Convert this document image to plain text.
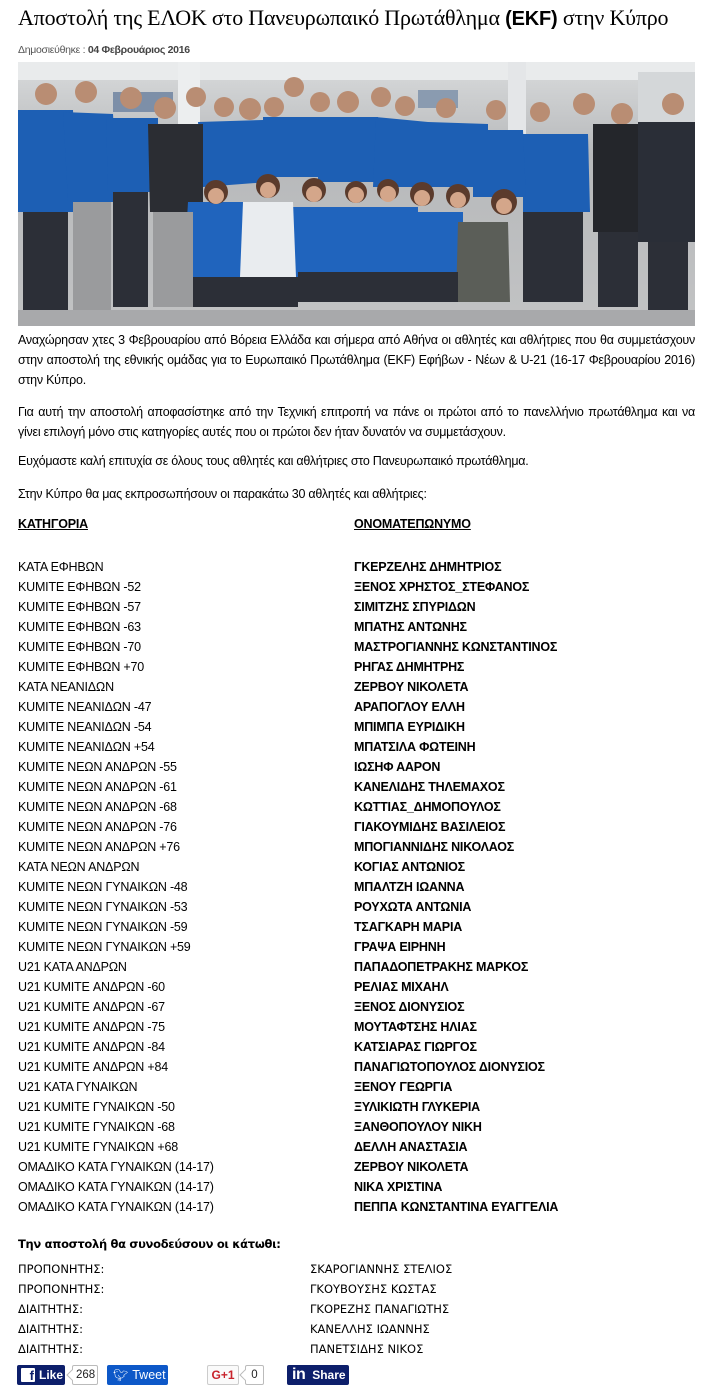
Αποστολή της ΕΛΟΚ στο Πανευρωπαικό Πρωτάθλημα (EKF) στην Κύπρο
Δημοσιεύθηκε : 04 Φεβρουάριος 2016
Αναχώρησαν χτες 3 Φεβρουαρίου από Βόρεια Ελλάδα και σήμερα από Αθήνα οι αθλητές και αθλήτριες που θα συμμετάσχουν στην αποστολή της εθνικής ομάδας για το Ευρωπαικό Πρωτάθλημα (EKF) Εφήβων - Νέων & U-21 (16-17 Φεβρουαρίου 2016) στην Κύπρο.
Για αυτή την αποστολή αποφασίστηκε από την Τεχνική επιτροπή να πάνε οι πρώτοι από το πανελλήνιο πρωτάθλημα και να γίνει επιλογή μόνο στις κατηγορίες αυτές που οι πρώτοι δεν ήταν δυνατόν να συμμετάσχουν.
Ευχόμαστε καλή επιτυχία σε όλους τους αθλητές και αθλήτριες στο Πανευρωπαικό πρωτάθλημα.
Στην Κύπρο θα μας εκπροσωπήσουν οι παρακάτω 30 αθλητές και αθλήτριες:
ΚΑΤΗΓΟΡΙΑ	ΟΝΟΜΑΤΕΠΩΝΥΜΟ
ΚΑΤΑ ΕΦΗΒΩΝ	ΓΚΕΡΖΕΛΗΣ ΔΗΜΗΤΡΙΟΣ
KUMITE ΕΦΗΒΩΝ -52	ΞΕΝΟΣ ΧΡΗΣΤΟΣ_ΣΤΕΦΑΝΟΣ
KUMITE ΕΦΗΒΩΝ -57	ΣΙΜΙΤΖΗΣ ΣΠΥΡΙΔΩΝ
KUMITE ΕΦΗΒΩΝ -63	ΜΠΑΤΗΣ ΑΝΤΩΝΗΣ
KUMITE ΕΦΗΒΩΝ -70	ΜΑΣΤΡΟΓΙΑΝΝΗΣ ΚΩΝΣΤΑΝΤΙΝΟΣ
KUMITE ΕΦΗΒΩΝ +70	ΡΗΓΑΣ ΔΗΜΗΤΡΗΣ
ΚΑΤΑ ΝΕΑΝΙΔΩΝ	ΖΕΡΒΟΥ ΝΙΚΟΛΕΤΑ
KUMITE ΝΕΑΝΙΔΩΝ -47	ΑΡΑΠΟΓΛΟΥ ΕΛΛΗ
KUMITE ΝΕΑΝΙΔΩΝ -54	ΜΠΙΜΠΑ ΕΥΡΙΔΙΚΗ
KUMITE ΝΕΑΝΙΔΩΝ +54	ΜΠΑΤΣΙΛΑ ΦΩΤΕΙΝΗ
KUMITE ΝΕΩΝ ΑΝΔΡΩΝ -55	ΙΩΣΗΦ ΑΑΡΟΝ
KUMITE ΝΕΩΝ ΑΝΔΡΩΝ -61	ΚΑΝΕΛΙΔΗΣ ΤΗΛΕΜΑΧΟΣ
KUMITE ΝΕΩΝ ΑΝΔΡΩΝ -68	ΚΩΤΤΙΑΣ_ΔΗΜΟΠΟΥΛΟΣ
KUMITE ΝΕΩΝ ΑΝΔΡΩΝ -76	ΓΙΑΚΟΥΜΙΔΗΣ ΒΑΣΙΛΕΙΟΣ
KUMITE ΝΕΩΝ ΑΝΔΡΩΝ +76	ΜΠΟΓΙΑΝΝΙΔΗΣ ΝΙΚΟΛΑΟΣ
ΚΑΤΑ ΝΕΩΝ ΑΝΔΡΩΝ	ΚΟΓΙΑΣ ΑΝΤΩΝΙΟΣ
KUMITE ΝΕΩΝ ΓΥΝΑΙΚΩΝ -48	ΜΠΑΛΤΖΗ ΙΩΑΝΝΑ
KUMITE ΝΕΩΝ ΓΥΝΑΙΚΩΝ -53	ΡΟΥΧΩΤΑ ΑΝΤΩΝΙΑ
KUMITE ΝΕΩΝ ΓΥΝΑΙΚΩΝ -59	ΤΣΑΓΚΑΡΗ ΜΑΡΙΑ
KUMITE ΝΕΩΝ ΓΥΝΑΙΚΩΝ +59	ΓΡΑΨΑ ΕΙΡΗΝΗ
U21 ΚΑΤΑ ΑΝΔΡΩΝ	ΠΑΠΑΔΟΠΕΤΡΑΚΗΣ ΜΑΡΚΟΣ
U21 KUMITE ΑΝΔΡΩΝ -60	ΡΕΛΙΑΣ ΜΙΧΑΗΛ
U21 KUMITE ΑΝΔΡΩΝ -67	ΞΕΝΟΣ ΔΙΟΝΥΣΙΟΣ
U21 KUMITE ΑΝΔΡΩΝ -75	ΜΟΥΤΑΦΤΣΗΣ ΗΛΙΑΣ
U21 KUMITE ΑΝΔΡΩΝ -84	ΚΑΤΣΙΑΡΑΣ ΓΙΩΡΓΟΣ
U21 KUMITE ΑΝΔΡΩΝ +84	ΠΑΝΑΓΙΩΤΟΠΟΥΛΟΣ ΔΙΟΝΥΣΙΟΣ
U21 ΚΑΤΑ ΓΥΝΑΙΚΩΝ	ΞΕΝΟΥ ΓΕΩΡΓΙΑ
U21 KUMITE ΓΥΝΑΙΚΩΝ -50	ΞΥΛΙΚΙΩΤΗ ΓΛΥΚΕΡΙΑ
U21 KUMITE ΓΥΝΑΙΚΩΝ -68	ΞΑΝΘΟΠΟΥΛΟΥ ΝΙΚΗ
U21 KUMITE ΓΥΝΑΙΚΩΝ +68	ΔΕΛΛΗ ΑΝΑΣΤΑΣΙΑ
ΟΜΑΔΙΚΟ ΚΑΤΑ ΓΥΝΑΙΚΩΝ (14-17)	ΖΕΡΒΟΥ ΝΙΚΟΛΕΤΑ
ΟΜΑΔΙΚΟ ΚΑΤΑ ΓΥΝΑΙΚΩΝ (14-17)	ΝΙΚΑ ΧΡΙΣΤΙΝΑ
ΟΜΑΔΙΚΟ ΚΑΤΑ ΓΥΝΑΙΚΩΝ (14-17)	ΠΕΠΠΑ ΚΩΝΣΤΑΝΤΙΝΑ ΕΥΑΓΓΕΛΙΑ
Την αποστολή θα συνοδεύσουν οι κάτωθι:
ΠΡΟΠΟΝΗΤΗΣ:	ΣΚΑΡΟΓΙΑΝΝΗΣ ΣΤΕΛΙΟΣ
ΠΡΟΠΟΝΗΤΗΣ:	ΓΚΟΥΒΟΥΣΗΣ ΚΩΣΤΑΣ
ΔΙΑΙΤΗΤΗΣ:	ΓΚΟΡΕΖΗΣ ΠΑΝΑΓΙΩΤΗΣ
ΔΙΑΙΤΗΤΗΣ:	ΚΑΝΕΛΛΗΣ ΙΩΑΝΝΗΣ
ΔΙΑΙΤΗΤΗΣ:	ΠΑΝΕΤΣΙΔΗΣ ΝΙΚΟΣ
f Like	268 🐦︎ Tweet	G+1	0	in Share
